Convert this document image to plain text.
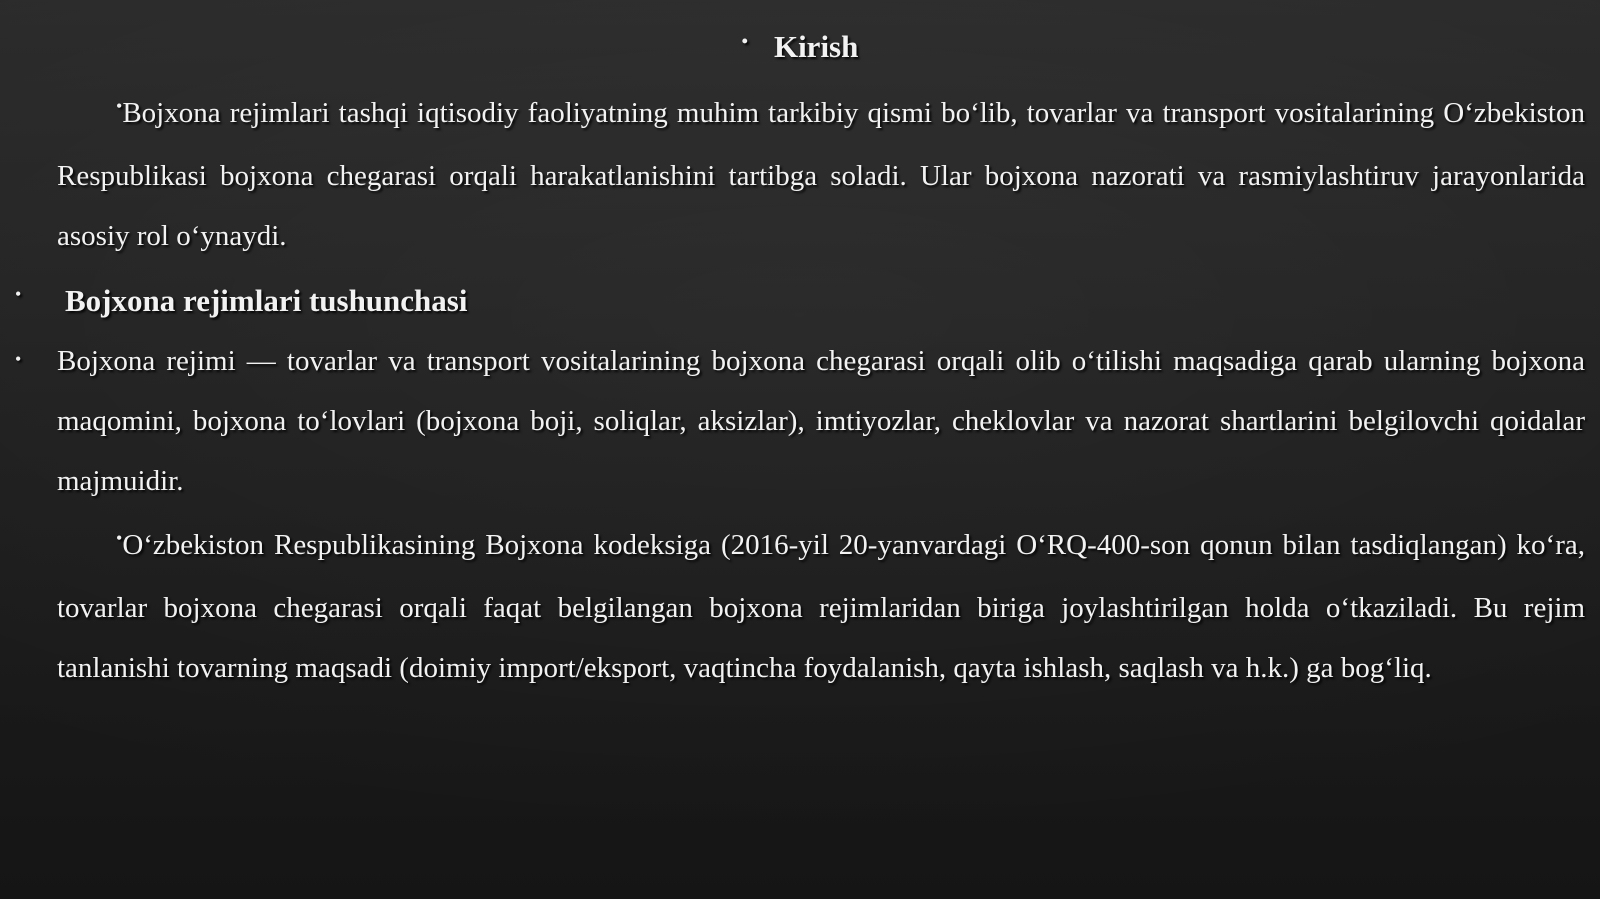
• Kirish
•Bojxona rejimlari tashqi iqtisodiy faoliyatning muhim tarkibiy qismi bo‘lib, tovarlar va transport vositalarining O‘zbekiston Respublikasi bojxona chegarasi orqali harakatlanishini tartibga soladi. Ular bojxona nazorati va rasmiylashtiruv jarayonlarida asosiy rol o‘ynaydi.
• Bojxona rejimlari tushunchasi
• Bojxona rejimi — tovarlar va transport vositalarining bojxona chegarasi orqali olib o‘tilishi maqsadiga qarab ularning bojxona maqomini, bojxona to‘lovlari (bojxona boji, soliqlar, aksizlar), imtiyozlar, cheklovlar va nazorat shartlarini belgilovchi qoidalar majmuidir.
•O‘zbekiston Respublikasining Bojxona kodeksiga (2016-yil 20-yanvardagi O‘RQ-400-son qonun bilan tasdiqlangan) ko‘ra, tovarlar bojxona chegarasi orqali faqat belgilangan bojxona rejimlaridan biriga joylashtirilgan holda o‘tkaziladi. Bu rejim tanlanishi tovarning maqsadi (doimiy import/eksport, vaqtincha foydalanish, qayta ishlash, saqlash va h.k.) ga bog‘liq.
